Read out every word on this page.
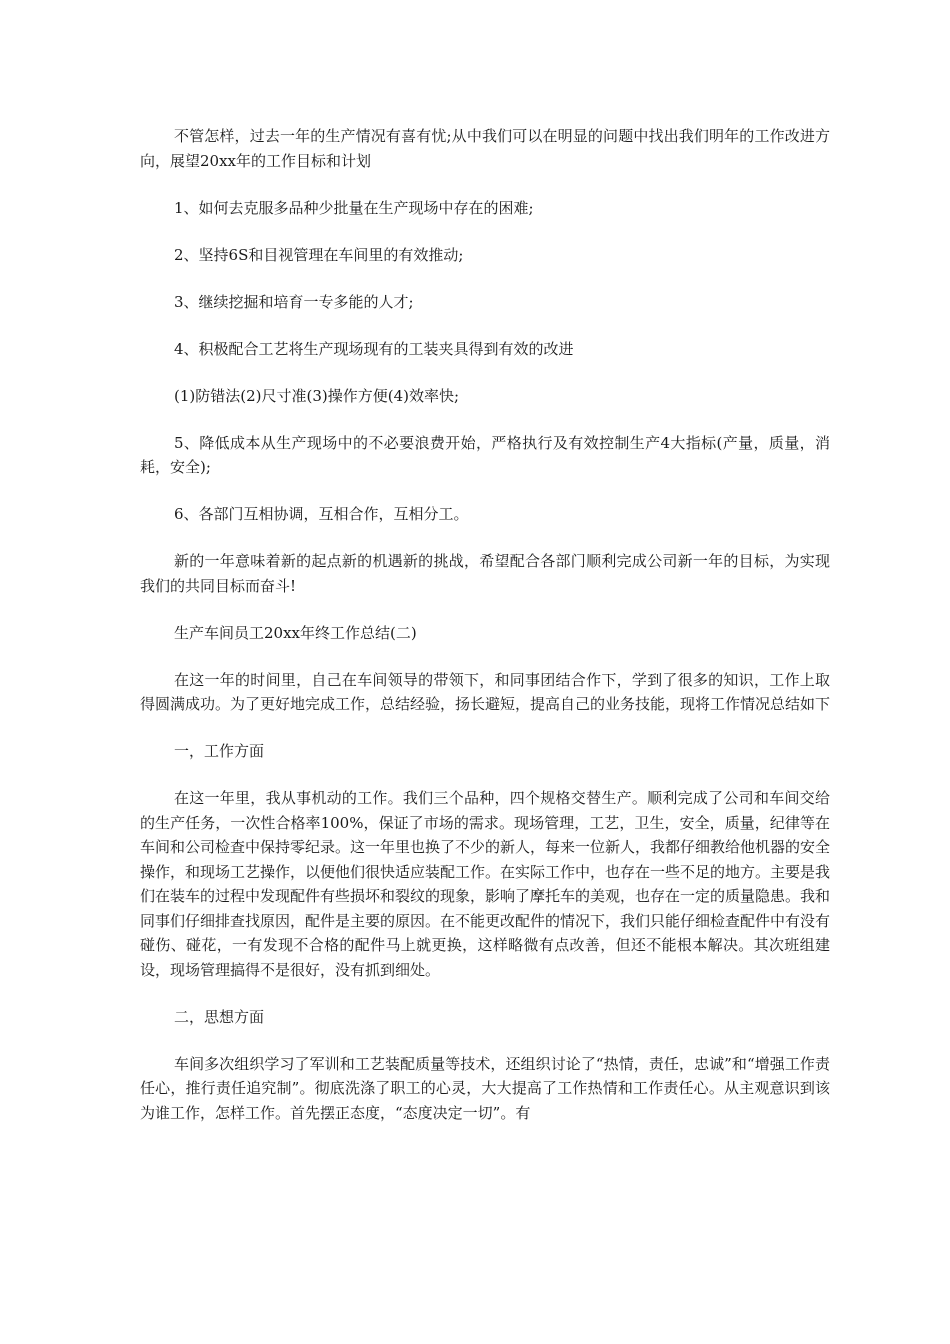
不管怎样，过去一年的生产情况有喜有忧;从中我们可以在明显的问题中找出我们明年的工作改进方向，展望20xx年的工作目标和计划

1、如何去克服多品种少批量在生产现场中存在的困难;

2、坚持6S和目视管理在车间里的有效推动;

3、继续挖掘和培育一专多能的人才;

4、积极配合工艺将生产现场现有的工装夹具得到有效的改进

(1)防错法(2)尺寸准(3)操作方便(4)效率快;

5、降低成本从生产现场中的不必要浪费开始，严格执行及有效控制生产4大指标(产量，质量，消耗，安全);

6、各部门互相协调，互相合作，互相分工。

新的一年意味着新的起点新的机遇新的挑战，希望配合各部门顺利完成公司新一年的目标，为实现我们的共同目标而奋斗!

生产车间员工20xx年终工作总结(二)

在这一年的时间里，自己在车间领导的带领下，和同事团结合作下，学到了很多的知识，工作上取得圆满成功。为了更好地完成工作，总结经验，扬长避短，提高自己的业务技能，现将工作情况总结如下

一，工作方面

在这一年里，我从事机动的工作。我们三个品种，四个规格交替生产。顺利完成了公司和车间交给的生产任务，一次性合格率100%，保证了市场的需求。现场管理，工艺，卫生，安全，质量，纪律等在车间和公司检查中保持零纪录。这一年里也换了不少的新人，每来一位新人，我都仔细教给他机器的安全操作，和现场工艺操作，以便他们很快适应装配工作。在实际工作中，也存在一些不足的地方。主要是我们在装车的过程中发现配件有些损坏和裂纹的现象，影响了摩托车的美观，也存在一定的质量隐患。我和同事们仔细排查找原因，配件是主要的原因。在不能更改配件的情况下，我们只能仔细检查配件中有没有碰伤、碰花，一有发现不合格的配件马上就更换，这样略微有点改善，但还不能根本解决。其次班组建设，现场管理搞得不是很好，没有抓到细处。

二，思想方面

车间多次组织学习了军训和工艺装配质量等技术，还组织讨论了“热情，责任，忠诚”和“增强工作责任心，推行责任追究制”。彻底洗涤了职工的心灵，大大提高了工作热情和工作责任心。从主观意识到该为谁工作，怎样工作。首先摆正态度，“态度决定一切”。有
